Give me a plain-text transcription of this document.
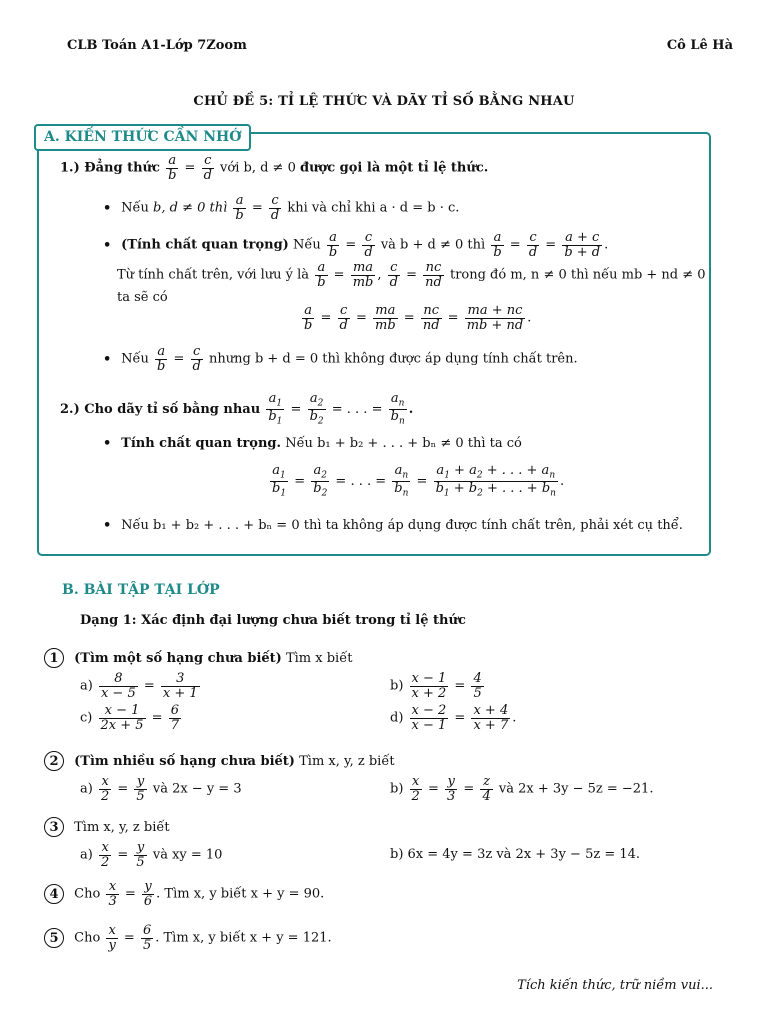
CLB Toán A1-Lớp 7Zoom	Cô Lê Hà
CHỦ ĐỀ 5: TỈ LỆ THỨC VÀ DÃY TỈ SỐ BẰNG NHAU
A. KIẾN THỨC CẦN NHỚ
1.) Đẳng thức $\frac{a}{b} = \frac{c}{d}$ với b, d ≠ 0 được gọi là một tỉ lệ thức.
• Nếu b, d ≠ 0 thì $\frac{a}{b} = \frac{c}{d}$ khi và chỉ khi a · d = b · c.
• (Tính chất quan trọng) Nếu $\frac{a}{b} = \frac{c}{d}$ và b + d ≠ 0 thì $\frac{a}{b} = \frac{c}{d} = \frac{a + c}{b + d}$ .
Từ tính chất trên, với lưu ý là $\frac{a}{b} = \frac{ma}{mb}$ , $\frac{c}{d} = \frac{nc}{nd}$ trong đó m, n ≠ 0 thì nếu mb + nd ≠ 0
ta sẽ có
$\frac{a}{b} = \frac{c}{d} = \frac{ma}{mb} = \frac{nc}{nd} = \frac{ma + nc}{mb + nd}$ .
• Nếu $\frac{a}{b} = \frac{c}{d}$ nhưng b + d = 0 thì không được áp dụng tính chất trên.
2.) Cho dãy tỉ số bằng nhau $\frac{a_1}{b_1} = \frac{a_2}{b_2}$ = . . . = $\frac{a_n}{b_n}$ .
• Tính chất quan trọng. Nếu b₁ + b₂ + . . . + bₙ ≠ 0 thì ta có
$\frac{a_1}{b_1} = \frac{a_2}{b_2}$ = . . . = $\frac{a_n}{b_n} = \frac{a_1 + a_2 + . . . + a_n}{b_1 + b_2 + . . . + b_n}$ .
• Nếu b₁ + b₂ + . . . + bₙ = 0 thì ta không áp dụng được tính chất trên, phải xét cụ thể.
B. BÀI TẬP TẠI LỚP
Dạng 1: Xác định đại lượng chưa biết trong tỉ lệ thức
1 (Tìm một số hạng chưa biết) Tìm x biết
$a) \frac{8}{x - 5} = \frac{3}{x + 1}$	$b) \frac{x - 1}{x + 2} = \frac{4}{5}$
$c) \frac{x - 1}{2x + 5} = \frac{6}{7}$	$d) \frac{x - 2}{x - 1} = \frac{x + 4}{x + 7}$ .
2 (Tìm nhiều số hạng chưa biết) Tìm x, y, z biết
$a) \frac{x}{2} = \frac{y}{5}$ và 2x − y = 3	$b) \frac{x}{2} = \frac{y}{3} = \frac{z}{4}$ và 2x + 3y − 5z = −21.
3 Tìm x, y, z biết
$a) \frac{x}{2} = \frac{y}{5}$ và xy = 10	b) 6x = 4y = 3z và 2x + 3y − 5z = 14.
4 Cho $\frac{x}{3} = \frac{y}{6}$ . Tìm x, y biết x + y = 90.
5 Cho $\frac{x}{y} = \frac{6}{5}$ . Tìm x, y biết x + y = 121.
Tích kiến thức, trữ niềm vui...
